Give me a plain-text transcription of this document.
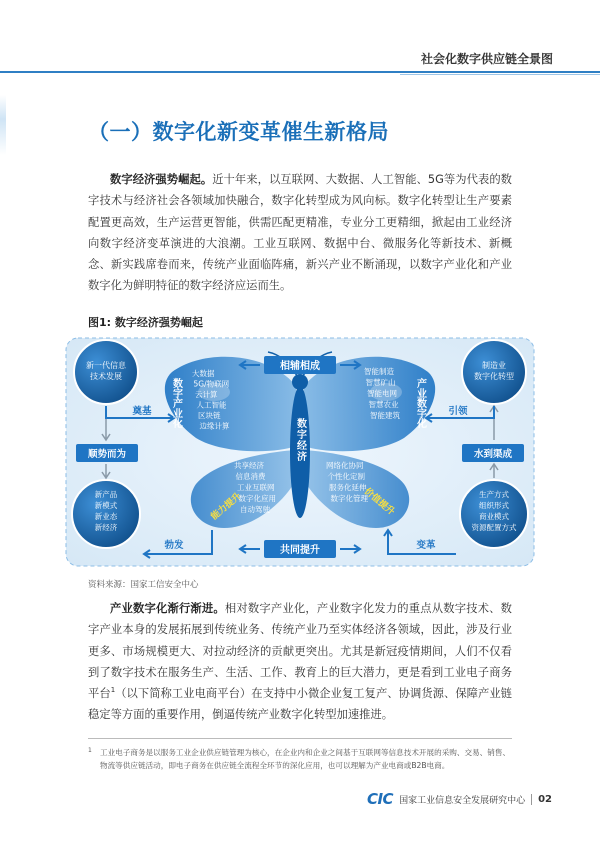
社会化数字供应链全景图
（一）数字化新变革催生新格局
数字经济强势崛起。近十年来，以互联网、大数据、人工智能、5G等为代表的数字技术与经济社会各领域加快融合，数字化转型成为风向标。数字化转型让生产要素配置更高效，生产运营更智能，供需匹配更精准，专业分工更精细，掀起由工业经济向数字经济变革演进的大浪潮。工业互联网、数据中台、微服务化等新技术、新概念、新实践席卷而来，传统产业面临阵痛，新兴产业不断涌现，以数字产业化和产业数字化为鲜明特征的数字经济应运而生。
图1: 数字经济强势崛起
数字经济
相辅相成
共同提升
新一代信息技术发展
制造业数字化转型
新产品新模式新业态新经济
生产方式组织形式商业模式资源配置方式
顺势而为	水到渠成
奠基	引领
勃发	变革
数字产业化	产业数字化
能力提升	价值提升
大数据
5G/物联网
云计算
人工智能
区块链
边缘计算
智能制造
智慧矿山
智能电网
智慧农业
智能建筑
共享经济
信息消费
工业互联网
数字化应用
自动驾驶
网络化协同
个性化定制
服务化延伸
数字化管理
资料来源：国家工信安全中心
产业数字化渐行渐进。相对数字产业化，产业数字化发力的重点从数字技术、数字产业本身的发展拓展到传统业务、传统产业乃至实体经济各领域，因此，涉及行业更多、市场规模更大、对拉动经济的贡献更突出。尤其是新冠疫情期间，人们不仅看到了数字技术在服务生产、生活、工作、教育上的巨大潜力，更是看到工业电子商务平台$^1$（以下简称工业电商平台）在支持中小微企业复工复产、协调货源、保障产业链稳定等方面的重要作用，倒逼传统产业数字化转型加速推进。
1	工业电子商务是以服务工业企业供应链管理为核心，在企业内和企业之间基于互联网等信息技术开展的采购、交易、销售、物流等供应链活动，即电子商务在供应链全流程全环节的深化应用，也可以理解为产业电商或B2B电商。
CIC 国家工业信息安全发展研究中心 02
